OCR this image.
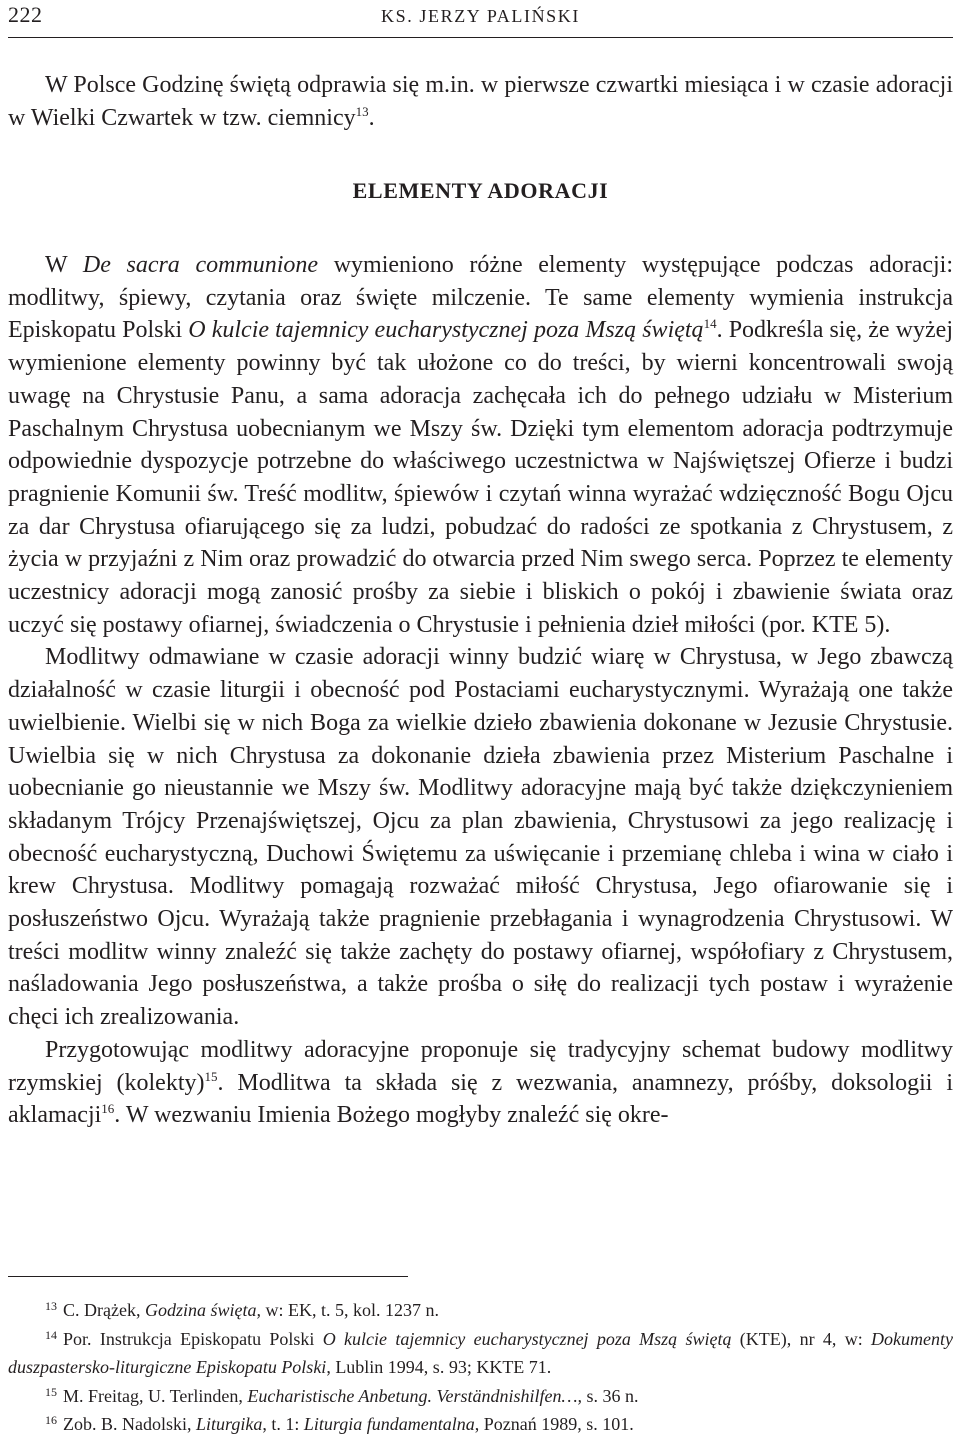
222	KS. JERZY PALIŃSKI

W Polsce Godzinę świętą odprawia się m.in. w pierwsze czwartki miesiąca i w czasie adoracji w Wielki Czwartek w tzw. ciemnicy$^{13}$.

ELEMENTY ADORACJI

W De sacra communione wymieniono różne elementy występujące podczas adoracji: modlitwy, śpiewy, czytania oraz święte milczenie. Te same elementy wymienia instrukcja Episkopatu Polski O kulcie tajemnicy eucharystycznej poza Mszą świętą$^{14}$. Podkreśla się, że wyżej wymienione elementy powinny być tak ułożone co do treści, by wierni koncentrowali swoją uwagę na Chrystusie Panu, a sama adoracja zachęcała ich do pełnego udziału w Misterium Paschalnym Chrystusa uobecnianym we Mszy św. Dzięki tym elementom adoracja podtrzymuje odpowiednie dyspozycje potrzebne do właściwego uczestnictwa w Najświętszej Ofierze i budzi pragnienie Komunii św. Treść modlitw, śpiewów i czytań winna wyrażać wdzięczność Bogu Ojcu za dar Chrystusa ofiarującego się za ludzi, pobudzać do radości ze spotkania z Chrystusem, z życia w przyjaźni z Nim oraz prowadzić do otwarcia przed Nim swego serca. Poprzez te elementy uczestnicy adoracji mogą zanosić prośby za siebie i bliskich o pokój i zbawienie świata oraz uczyć się postawy ofiarnej, świadczenia o Chrystusie i pełnienia dzieł miłości (por. KTE 5).

Modlitwy odmawiane w czasie adoracji winny budzić wiarę w Chrystusa, w Jego zbawczą działalność w czasie liturgii i obecność pod Postaciami eucharystycznymi. Wyrażają one także uwielbienie. Wielbi się w nich Boga za wielkie dzieło zbawienia dokonane w Jezusie Chrystusie. Uwielbia się w nich Chrystusa za dokonanie dzieła zbawienia przez Misterium Paschalne i uobecnianie go nieustannie we Mszy św. Modlitwy adoracyjne mają być także dziękczynieniem składanym Trójcy Przenajświętszej, Ojcu za plan zbawienia, Chrystusowi za jego realizację i obecność eucharystyczną, Duchowi Świętemu za uświęcanie i przemianę chleba i wina w ciało i krew Chrystusa. Modlitwy pomagają rozważać miłość Chrystusa, Jego ofiarowanie się i posłuszeństwo Ojcu. Wyrażają także pragnienie przebłagania i wynagrodzenia Chrystusowi. W treści modlitw winny znaleźć się także zachęty do postawy ofiarnej, współofiary z Chrystusem, naśladowania Jego posłuszeństwa, a także prośba o siłę do realizacji tych postaw i wyrażenie chęci ich zrealizowania.

Przygotowując modlitwy adoracyjne proponuje się tradycyjny schemat budowy modlitwy rzymskiej (kolekty)$^{15}$. Modlitwa ta składa się z wezwania, anamnezy, próśby, doksologii i aklamacji$^{16}$. W wezwaniu Imienia Bożego mogłyby znaleźć się okre-

$^{13}$ C. Drążek, Godzina święta, w: EK, t. 5, kol. 1237 n.

$^{14}$ Por. Instrukcja Episkopatu Polski O kulcie tajemnicy eucharystycznej poza Mszą świętą (KTE), nr 4, w: Dokumenty duszpastersko-liturgiczne Episkopatu Polski, Lublin 1994, s. 93; KKTE 71.

$^{15}$ M. Freitag, U. Terlinden, Eucharistische Anbetung. Verständnishilfen…, s. 36 n.

$^{16}$ Zob. B. Nadolski, Liturgika, t. 1: Liturgia fundamentalna, Poznań 1989, s. 101.
